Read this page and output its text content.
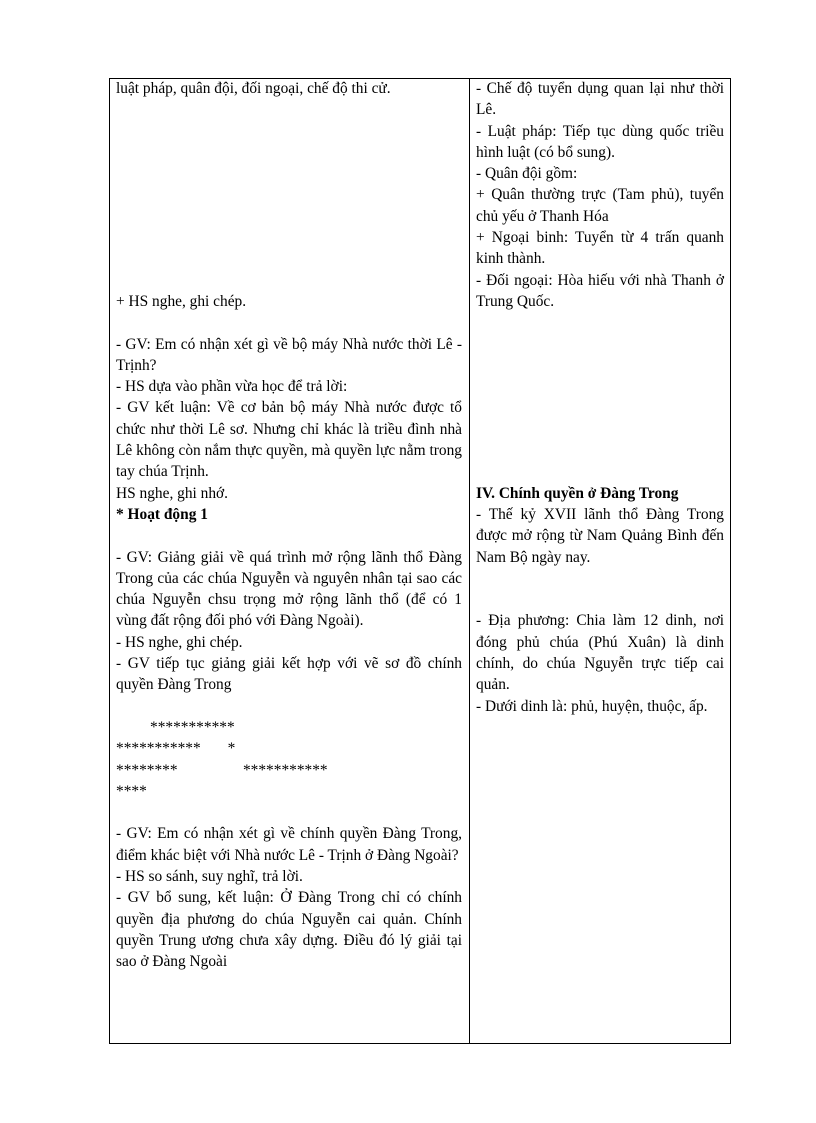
luật pháp, quân đội, đối ngoại, chế độ thi cử.

+ HS nghe, ghi chép.

- GV: Em có nhận xét gì về bộ máy Nhà nước thời Lê - Trịnh?

- HS dựa vào phần vừa học để trả lời:

- GV kết luận: Về cơ bản bộ máy Nhà nước được tổ chức như thời Lê sơ. Nhưng chỉ khác là triều đình nhà Lê không còn nắm thực quyền, mà quyền lực nằm trong tay chúa Trịnh.

HS nghe, ghi nhớ.

* Hoạt động 1

- GV: Giảng giải về quá trình mở rộng lãnh thổ Đàng Trong của các chúa Nguyễn và nguyên nhân tại sao các chúa Nguyễn chsu trọng mở rộng lãnh thổ (để có 1 vùng đất rộng đối phó với Đàng Ngoài).

- HS nghe, ghi chép.

- GV tiếp tục giảng giải kết hợp với vẽ sơ đồ chính quyền Đàng Trong

***********

***********       *

********                 ***********

****

- GV: Em có nhận xét gì về chính quyền Đàng Trong, điểm khác biệt với Nhà nước Lê - Trịnh ở Đàng Ngoài?

- HS so sánh, suy nghĩ, trả lời.

- GV bổ sung, kết luận: Ở Đàng Trong chỉ có chính quyền địa phương do chúa Nguyễn cai quản. Chính quyền Trung ương chưa xây dựng. Điều đó lý giải tại sao ở Đàng Ngoài

- Chế độ tuyển dụng quan lại như thời Lê.

- Luật pháp: Tiếp tục dùng quốc triều hình luật (có bổ sung).

- Quân đội gồm:

+ Quân thường trực (Tam phủ), tuyển chủ yếu ở Thanh Hóa

+ Ngoại binh: Tuyển từ 4 trấn quanh kinh thành.

- Đối ngoại: Hòa hiếu với nhà Thanh ở Trung Quốc.

IV. Chính quyền ở Đàng Trong

- Thế kỷ XVII lãnh thổ Đàng Trong được mở rộng từ Nam Quảng Bình đến Nam Bộ ngày nay.

- Địa phương: Chia làm 12 dinh, nơi đóng phủ chúa (Phú Xuân) là dinh chính, do chúa Nguyễn trực tiếp cai quản.

- Dưới dinh là: phủ, huyện, thuộc, ấp.
